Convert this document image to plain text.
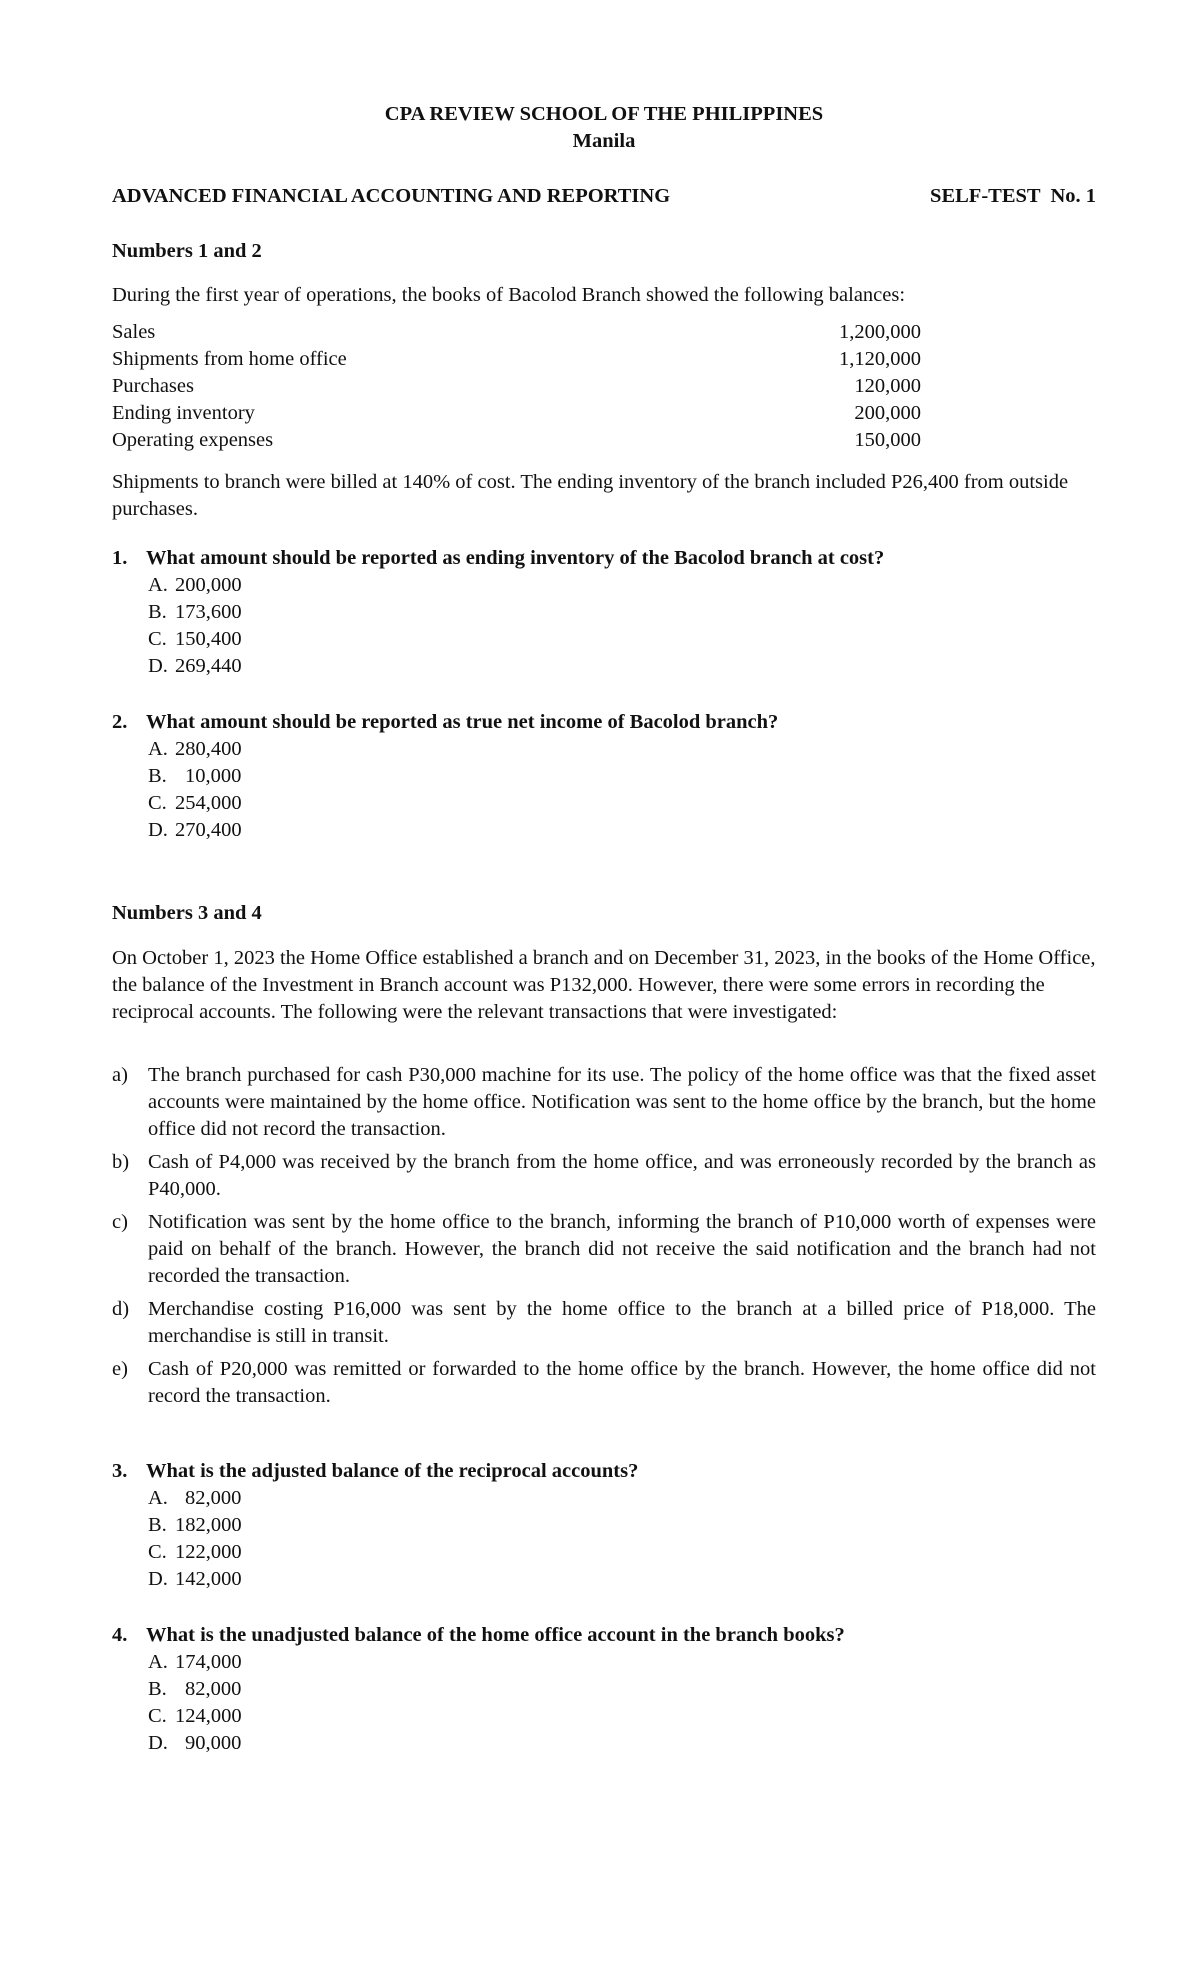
CPA REVIEW SCHOOL OF THE PHILIPPINES
Manila
ADVANCED FINANCIAL ACCOUNTING AND REPORTING	SELF-TEST  No. 1
Numbers 1 and 2

During the first year of operations, the books of Bacolod Branch showed the following balances:

Sales	1,200,000
Shipments from home office	1,120,000
Purchases	120,000
Ending inventory	200,000
Operating expenses	150,000

Shipments to branch were billed at 140% of cost. The ending inventory of the branch included P26,400 from outside purchases.

1. What amount should be reported as ending inventory of the Bacolod branch at cost?
A. 200,000
B. 173,600
C. 150,400
D. 269,440
2. What amount should be reported as true net income of Bacolod branch?
A. 280,400
B. 10,000
C. 254,000
D. 270,400
Numbers 3 and 4

On October 1, 2023 the Home Office established a branch and on December 31, 2023, in the books of the Home Office, the balance of the Investment in Branch account was P132,000. However, there were some errors in recording the reciprocal accounts. The following were the relevant transactions that were investigated:

a) The branch purchased for cash P30,000 machine for its use. The policy of the home office was that the fixed asset accounts were maintained by the home office. Notification was sent to the home office by the branch, but the home office did not record the transaction.
b) Cash of P4,000 was received by the branch from the home office, and was erroneously recorded by the branch as P40,000.
c) Notification was sent by the home office to the branch, informing the branch of P10,000 worth of expenses were paid on behalf of the branch. However, the branch did not receive the said notification and the branch had not recorded the transaction.
d) Merchandise costing P16,000 was sent by the home office to the branch at a billed price of P18,000. The merchandise is still in transit.
e) Cash of P20,000 was remitted or forwarded to the home office by the branch. However, the home office did not record the transaction.
3. What is the adjusted balance of the reciprocal accounts?
A. 82,000
B. 182,000
C. 122,000
D. 142,000
4. What is the unadjusted balance of the home office account in the branch books?
A. 174,000
B. 82,000
C. 124,000
D. 90,000
